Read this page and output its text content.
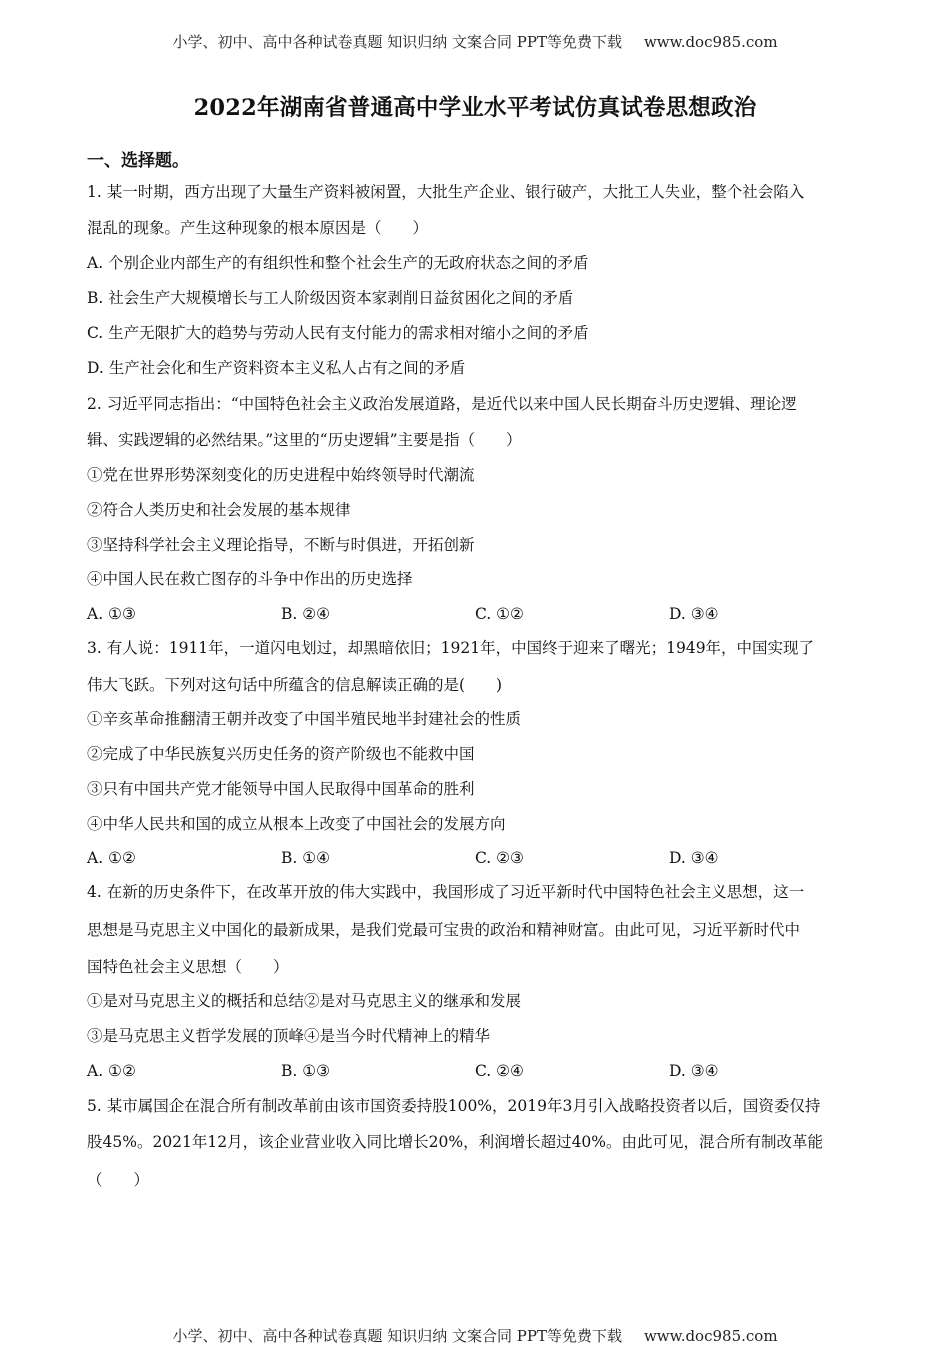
小学、初中、高中各种试卷真题 知识归纳 文案合同 PPT等免费下载 www.doc985.com
2022年湖南省普通高中学业水平考试仿真试卷思想政治
一、选择题。
1. 某一时期，西方出现了大量生产资料被闲置，大批生产企业、银行破产，大批工人失业，整个社会陷入
混乱的现象。产生这种现象的根本原因是（　　）
A. 个别企业内部生产的有组织性和整个社会生产的无政府状态之间的矛盾
B. 社会生产大规模增长与工人阶级因资本家剥削日益贫困化之间的矛盾
C. 生产无限扩大的趋势与劳动人民有支付能力的需求相对缩小之间的矛盾
D. 生产社会化和生产资料资本主义私人占有之间的矛盾
2. 习近平同志指出：“中国特色社会主义政治发展道路，是近代以来中国人民长期奋斗历史逻辑、理论逻
辑、实践逻辑的必然结果。”这里的“历史逻辑”主要是指（　　）
①党在世界形势深刻变化的历史进程中始终领导时代潮流
②符合人类历史和社会发展的基本规律
③坚持科学社会主义理论指导，不断与时俱进，开拓创新
④中国人民在救亡图存的斗争中作出的历史选择
A. ①③	B. ②④	C. ①②	D. ③④
3. 有人说：1911年，一道闪电划过，却黑暗依旧；1921年，中国终于迎来了曙光；1949年，中国实现了
伟大飞跃。下列对这句话中所蕴含的信息解读正确的是(　　)
①辛亥革命推翻清王朝并改变了中国半殖民地半封建社会的性质
②完成了中华民族复兴历史任务的资产阶级也不能救中国
③只有中国共产党才能领导中国人民取得中国革命的胜利
④中华人民共和国的成立从根本上改变了中国社会的发展方向
A. ①②	B. ①④	C. ②③	D. ③④
4. 在新的历史条件下，在改革开放的伟大实践中，我国形成了习近平新时代中国特色社会主义思想，这一
思想是马克思主义中国化的最新成果，是我们党最可宝贵的政治和精神财富。由此可见，习近平新时代中
国特色社会主义思想（　　）
①是对马克思主义的概括和总结②是对马克思主义的继承和发展
③是马克思主义哲学发展的顶峰④是当今时代精神上的精华
A. ①②	B. ①③	C. ②④	D. ③④
5. 某市属国企在混合所有制改革前由该市国资委持股100%，2019年3月引入战略投资者以后，国资委仅持
股45%。2021年12月，该企业营业收入同比增长20%，利润增长超过40%。由此可见，混合所有制改革能
（　　）
小学、初中、高中各种试卷真题 知识归纳 文案合同 PPT等免费下载 www.doc985.com
